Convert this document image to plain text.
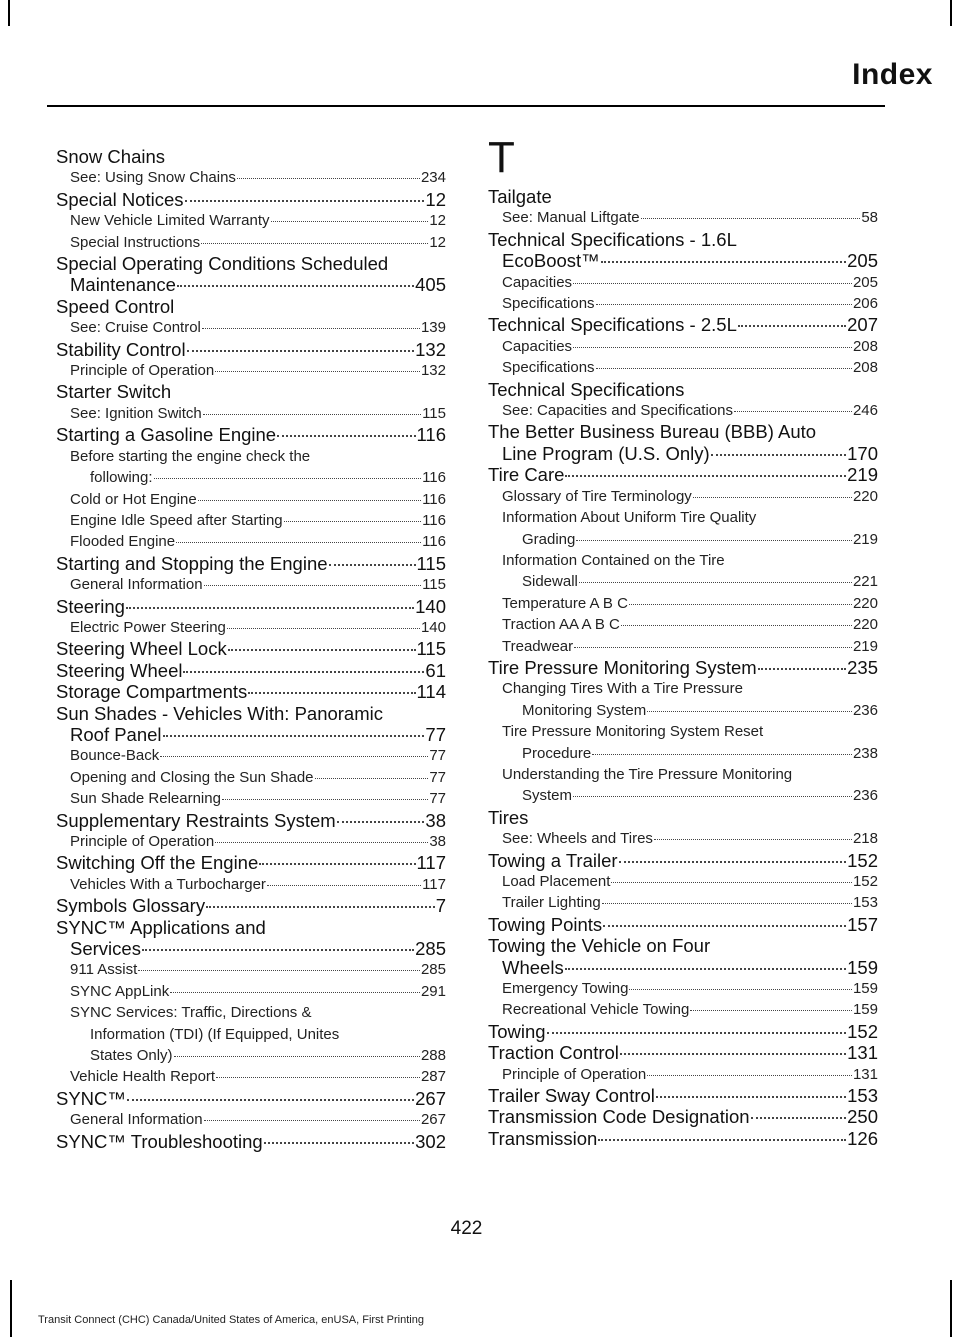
Index
Snow Chains
See: Using Snow Chains	234
Special Notices	12
New Vehicle Limited Warranty	12
Special Instructions	12
Special Operating Conditions Scheduled
Maintenance	405
Speed Control
See: Cruise Control	139
Stability Control	132
Principle of Operation	132
Starter Switch
See: Ignition Switch	115
Starting a Gasoline Engine	116
Before starting the engine check the
following:	116
Cold or Hot Engine	116
Engine Idle Speed after Starting	116
Flooded Engine	116
Starting and Stopping the Engine	115
General Information	115
Steering	140
Electric Power Steering	140
Steering Wheel Lock	115
Steering Wheel	61
Storage Compartments	114
Sun Shades - Vehicles With: Panoramic
Roof Panel	77
Bounce-Back	77
Opening and Closing the Sun Shade	77
Sun Shade Relearning	77
Supplementary Restraints System	38
Principle of Operation	38
Switching Off the Engine	117
Vehicles With a Turbocharger	117
Symbols Glossary	7
SYNC™ Applications and
Services	285
911 Assist	285
SYNC AppLink	291
SYNC Services: Traffic, Directions &
Information (TDI) (If Equipped, Unites
States Only)	288
Vehicle Health Report	287
SYNC™	267
General Information	267
SYNC™ Troubleshooting	302
T
Tailgate
See: Manual Liftgate	58
Technical Specifications - 1.6L
EcoBoost™	205
Capacities	205
Specifications	206
Technical Specifications - 2.5L	207
Capacities	208
Specifications	208
Technical Specifications
See: Capacities and Specifications	246
The Better Business Bureau (BBB) Auto
Line Program (U.S. Only)	170
Tire Care	219
Glossary of Tire Terminology	220
Information About Uniform Tire Quality
Grading	219
Information Contained on the Tire
Sidewall	221
Temperature A B C	220
Traction AA A B C	220
Treadwear	219
Tire Pressure Monitoring System	235
Changing Tires With a Tire Pressure
Monitoring System	236
Tire Pressure Monitoring System Reset
Procedure	238
Understanding the Tire Pressure Monitoring
System	236
Tires
See: Wheels and Tires	218
Towing a Trailer	152
Load Placement	152
Trailer Lighting	153
Towing Points	157
Towing the Vehicle on Four
Wheels	159
Emergency Towing	159
Recreational Vehicle Towing	159
Towing	152
Traction Control	131
Principle of Operation	131
Trailer Sway Control	153
Transmission Code Designation	250
Transmission	126
422
Transit Connect (CHC) Canada/United States of America, enUSA, First Printing
